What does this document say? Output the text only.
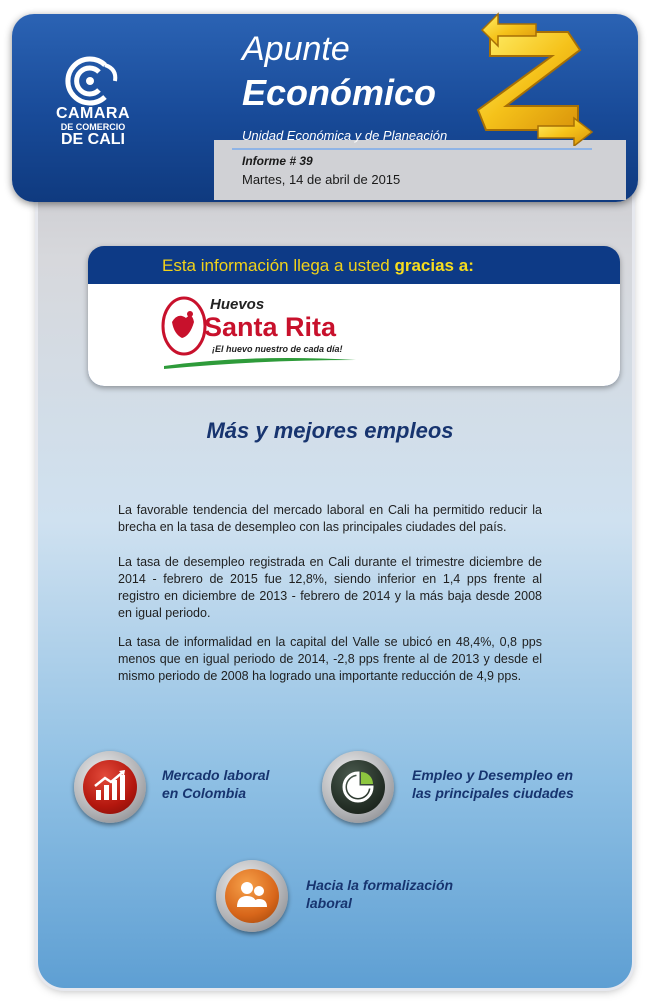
CAMARA
DE COMERCIO
DE CALI
Apunte
Económico
Unidad Económica y de Planeación
Informe # 39
Martes, 14 de abril de 2015
Esta información llega a usted gracias a:
Huevos
Santa Rita
¡El huevo nuestro de cada día!
Más y mejores empleos
La favorable tendencia del mercado laboral en Cali ha permitido reducir la brecha en la tasa de desempleo con las principales ciudades del país.
La tasa de desempleo registrada en Cali durante el trimestre diciembre de 2014 - febrero de 2015 fue 12,8%, siendo inferior en 1,4 pps frente al registro en diciembre de 2013 - febrero de 2014 y la más baja desde 2008 en igual periodo.
La tasa de informalidad en la capital del Valle se ubicó en 48,4%, 0,8 pps menos que en igual periodo de 2014, -2,8 pps frente al de 2013 y desde el mismo periodo de 2008 ha logrado una importante reducción de 4,9 pps.
Mercado laboral
en Colombia
Empleo y Desempleo en
las principales ciudades
Hacia la formalización
laboral
